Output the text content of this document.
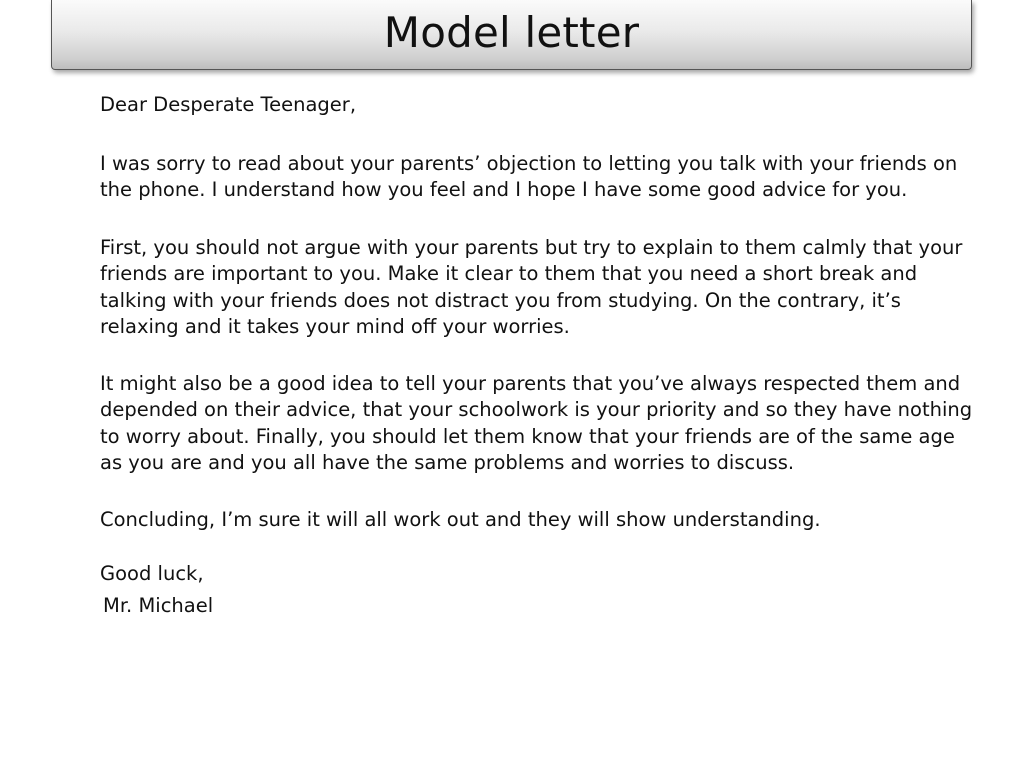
Model letter

Dear Desperate Teenager,

I was sorry to read about your parents’ objection to letting you talk with your friends on the phone. I understand how you feel and I hope I have some good advice for you.

First, you should not argue with your parents but try to explain to them calmly that your friends are important to you. Make it clear to them that you need a short break and talking with your friends does not distract you from studying. On the contrary, it’s relaxing and it takes your mind off your worries.

It might also be a good idea to tell your parents that you’ve always respected them and depended on their advice, that your schoolwork is your priority and so they have nothing to worry about. Finally, you should let them know that your friends are of the same age as you are and you all have the same problems and worries to discuss.

Concluding, I’m sure it will all work out and they will show understanding.

Good luck,

Mr. Michael
